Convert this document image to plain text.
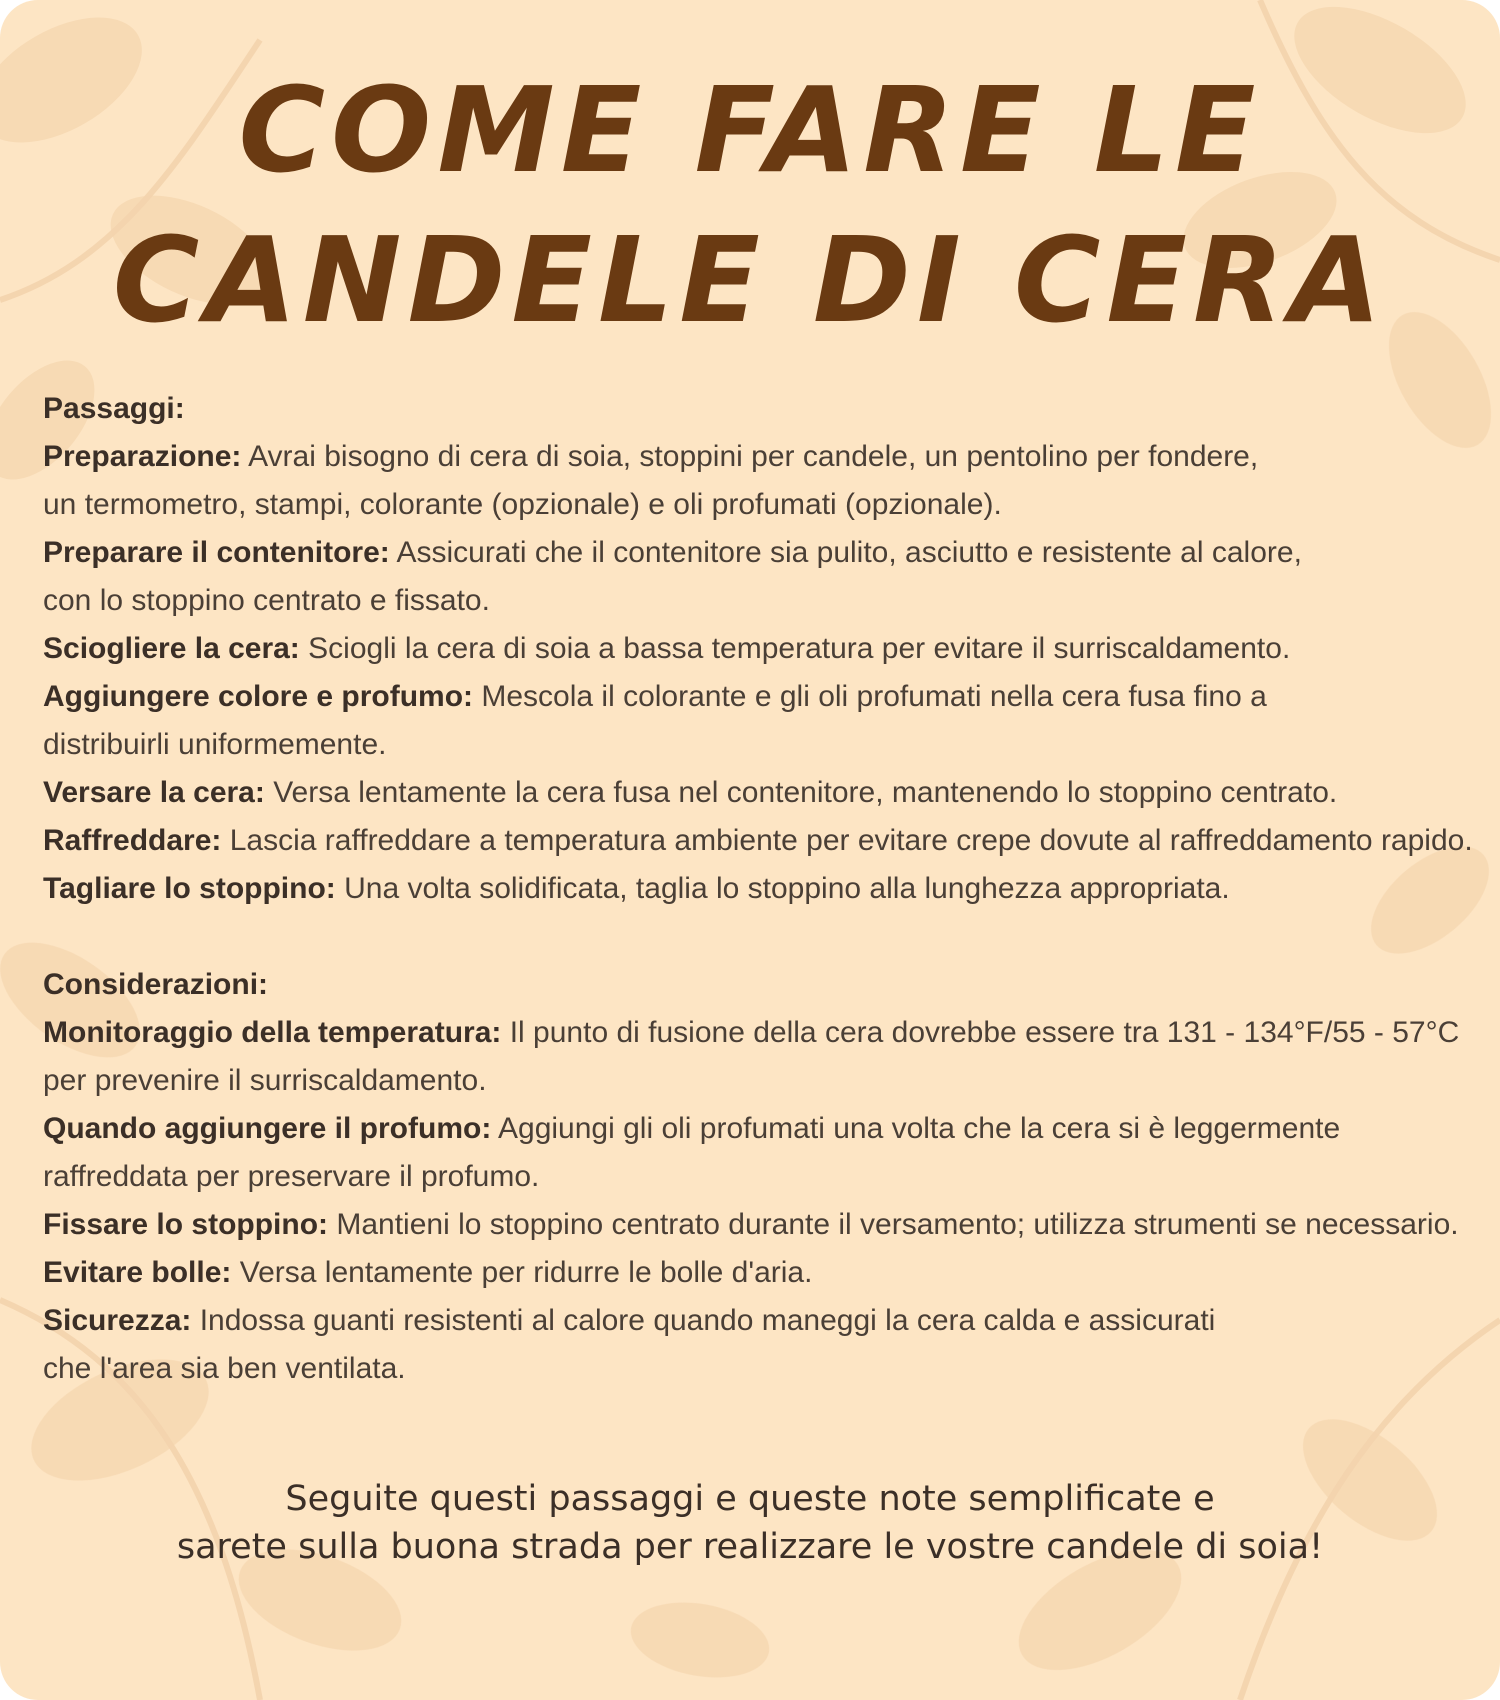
COME FARE LE
CANDELE DI CERA
Passaggi:
Preparazione: Avrai bisogno di cera di soia, stoppini per candele, un pentolino per fondere,
un termometro, stampi, colorante (opzionale) e oli profumati (opzionale).
Preparare il contenitore: Assicurati che il contenitore sia pulito, asciutto e resistente al calore,
con lo stoppino centrato e fissato.
Sciogliere la cera: Sciogli la cera di soia a bassa temperatura per evitare il surriscaldamento.
Aggiungere colore e profumo: Mescola il colorante e gli oli profumati nella cera fusa fino a
distribuirli uniformemente.
Versare la cera: Versa lentamente la cera fusa nel contenitore, mantenendo lo stoppino centrato.
Raffreddare: Lascia raffreddare a temperatura ambiente per evitare crepe dovute al raffreddamento rapido.
Tagliare lo stoppino: Una volta solidificata, taglia lo stoppino alla lunghezza appropriata.
Considerazioni:
Monitoraggio della temperatura: Il punto di fusione della cera dovrebbe essere tra 131 - 134°F/55 - 57°C
per prevenire il surriscaldamento.
Quando aggiungere il profumo: Aggiungi gli oli profumati una volta che la cera si è leggermente
raffreddata per preservare il profumo.
Fissare lo stoppino: Mantieni lo stoppino centrato durante il versamento; utilizza strumenti se necessario.
Evitare bolle: Versa lentamente per ridurre le bolle d'aria.
Sicurezza: Indossa guanti resistenti al calore quando maneggi la cera calda e assicurati
che l'area sia ben ventilata.
Seguite questi passaggi e queste note semplificate e
sarete sulla buona strada per realizzare le vostre candele di soia!
